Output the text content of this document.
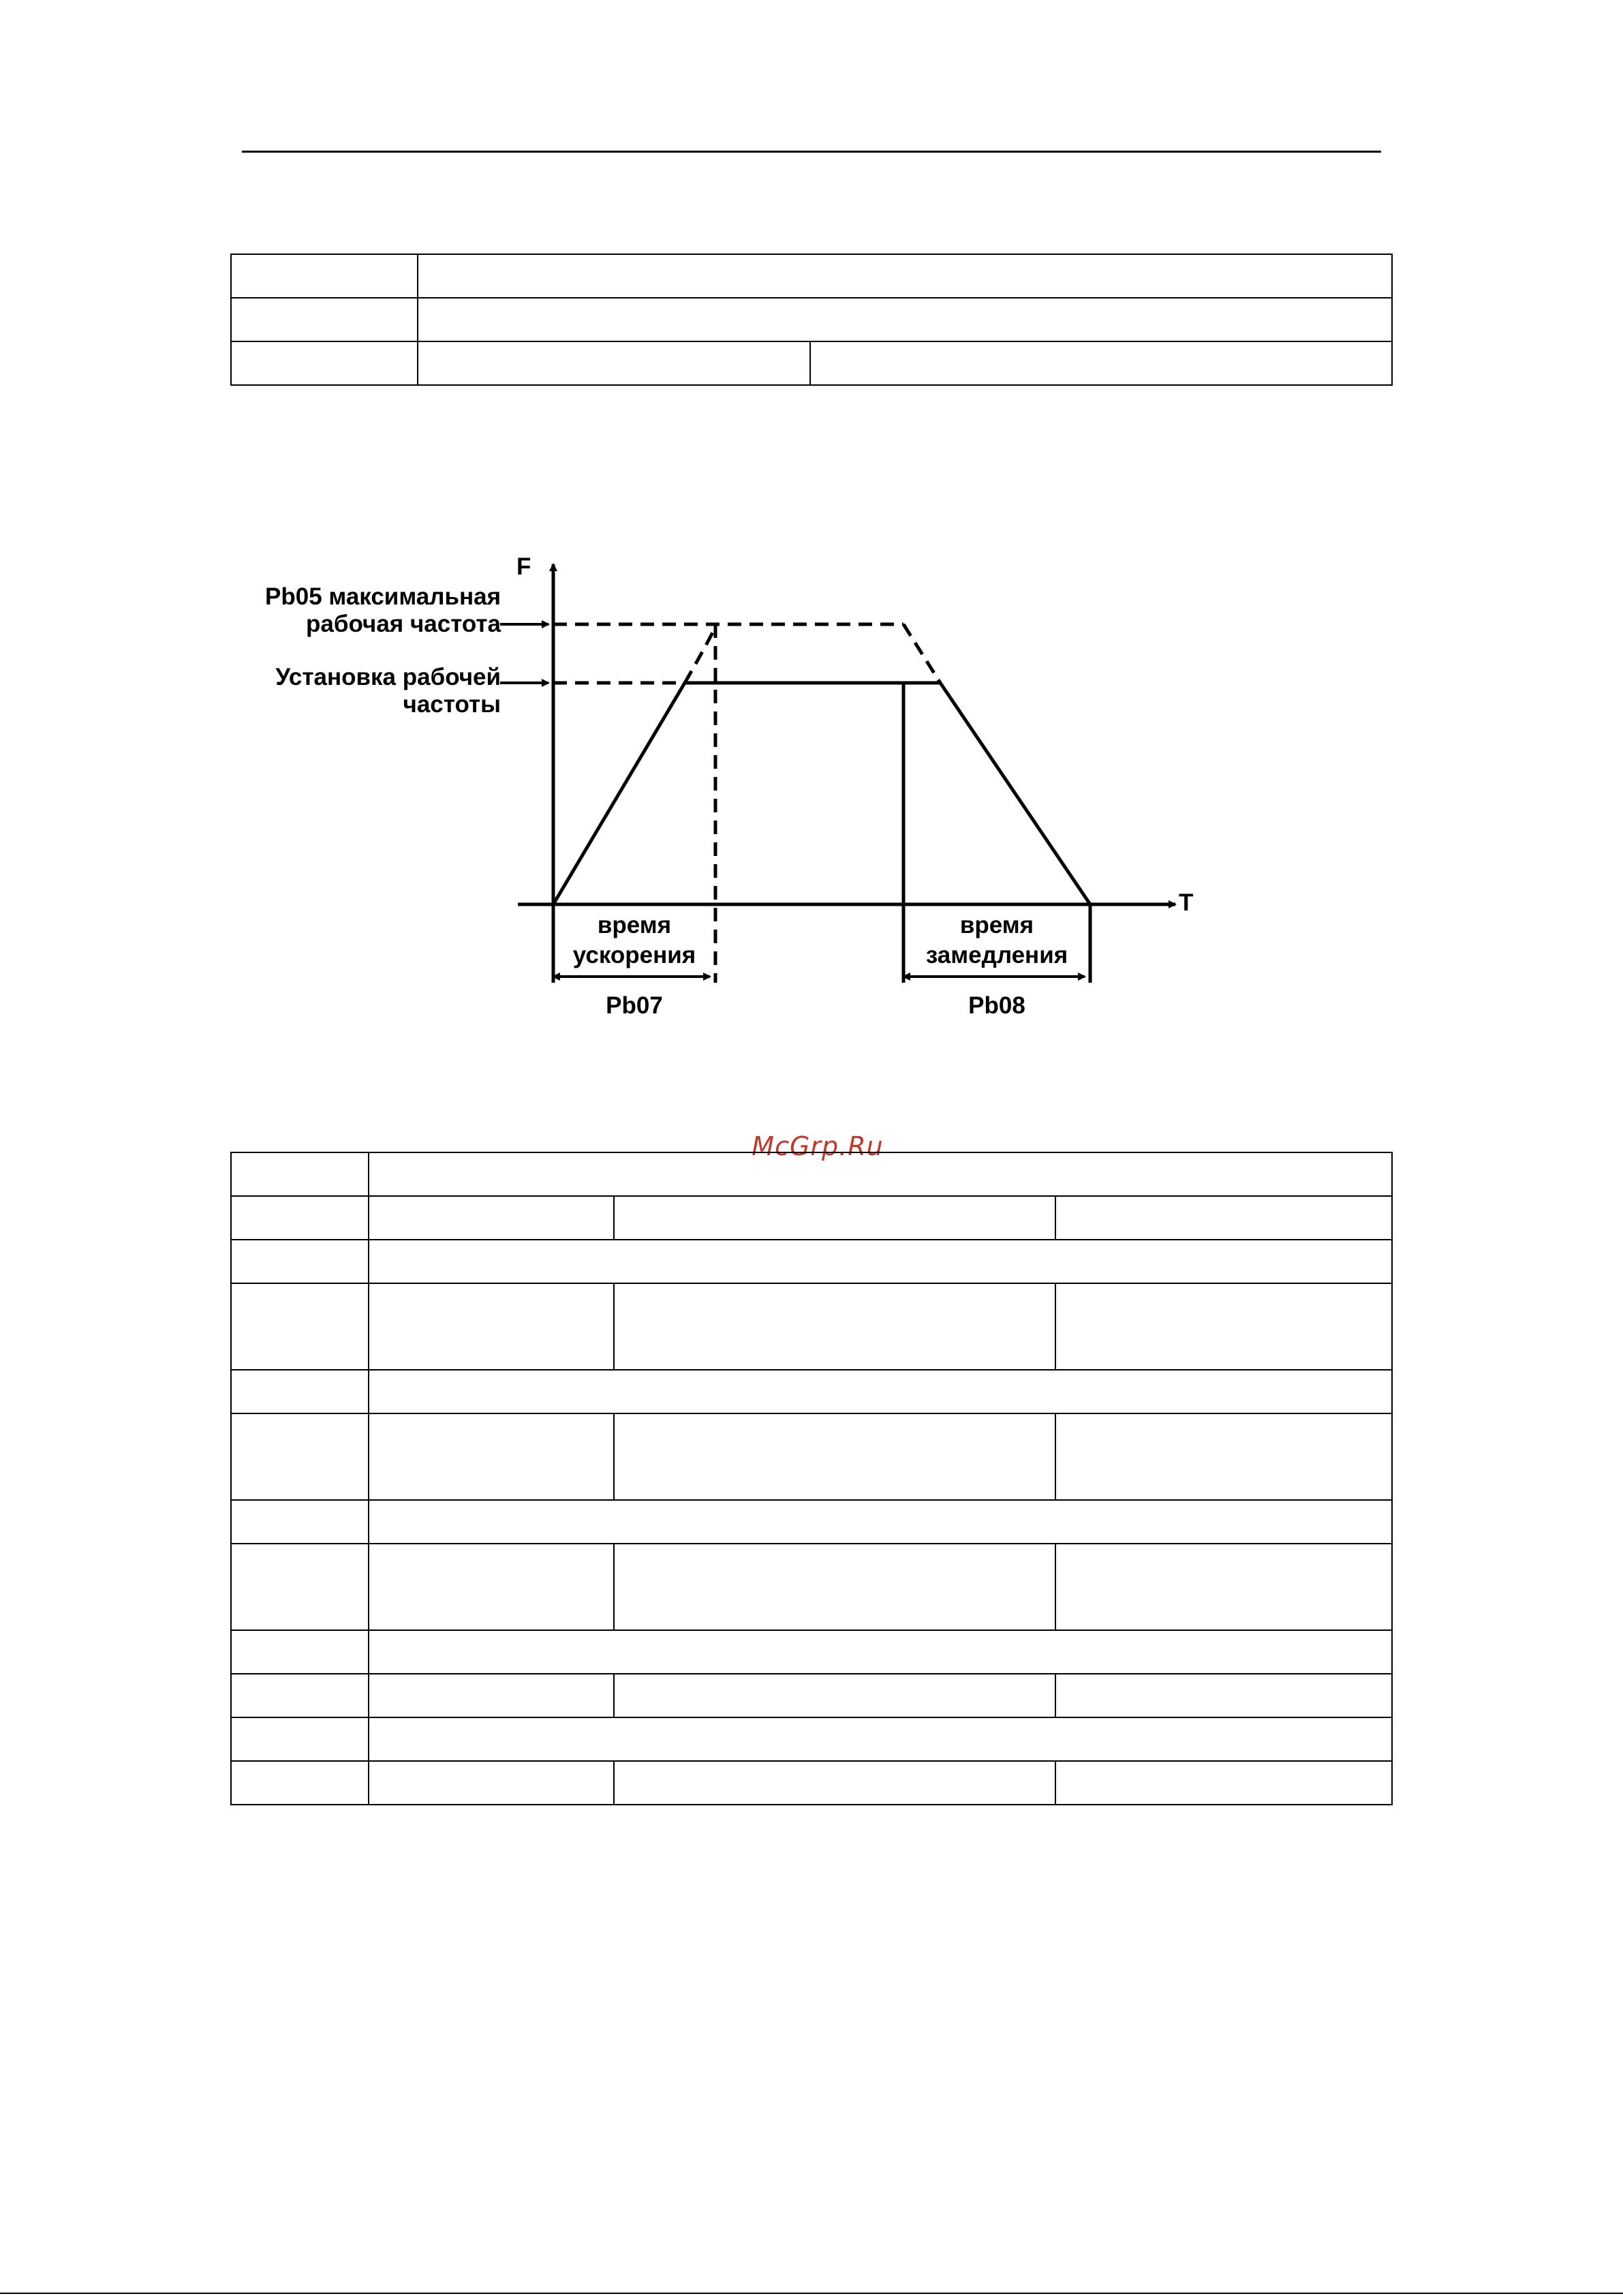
F
T
Pb05 максимальная
рабочая частота
Установка рабочей
частоты
время
ускорения
Pb07
время
замедления
Pb08
McGrp.Ru
